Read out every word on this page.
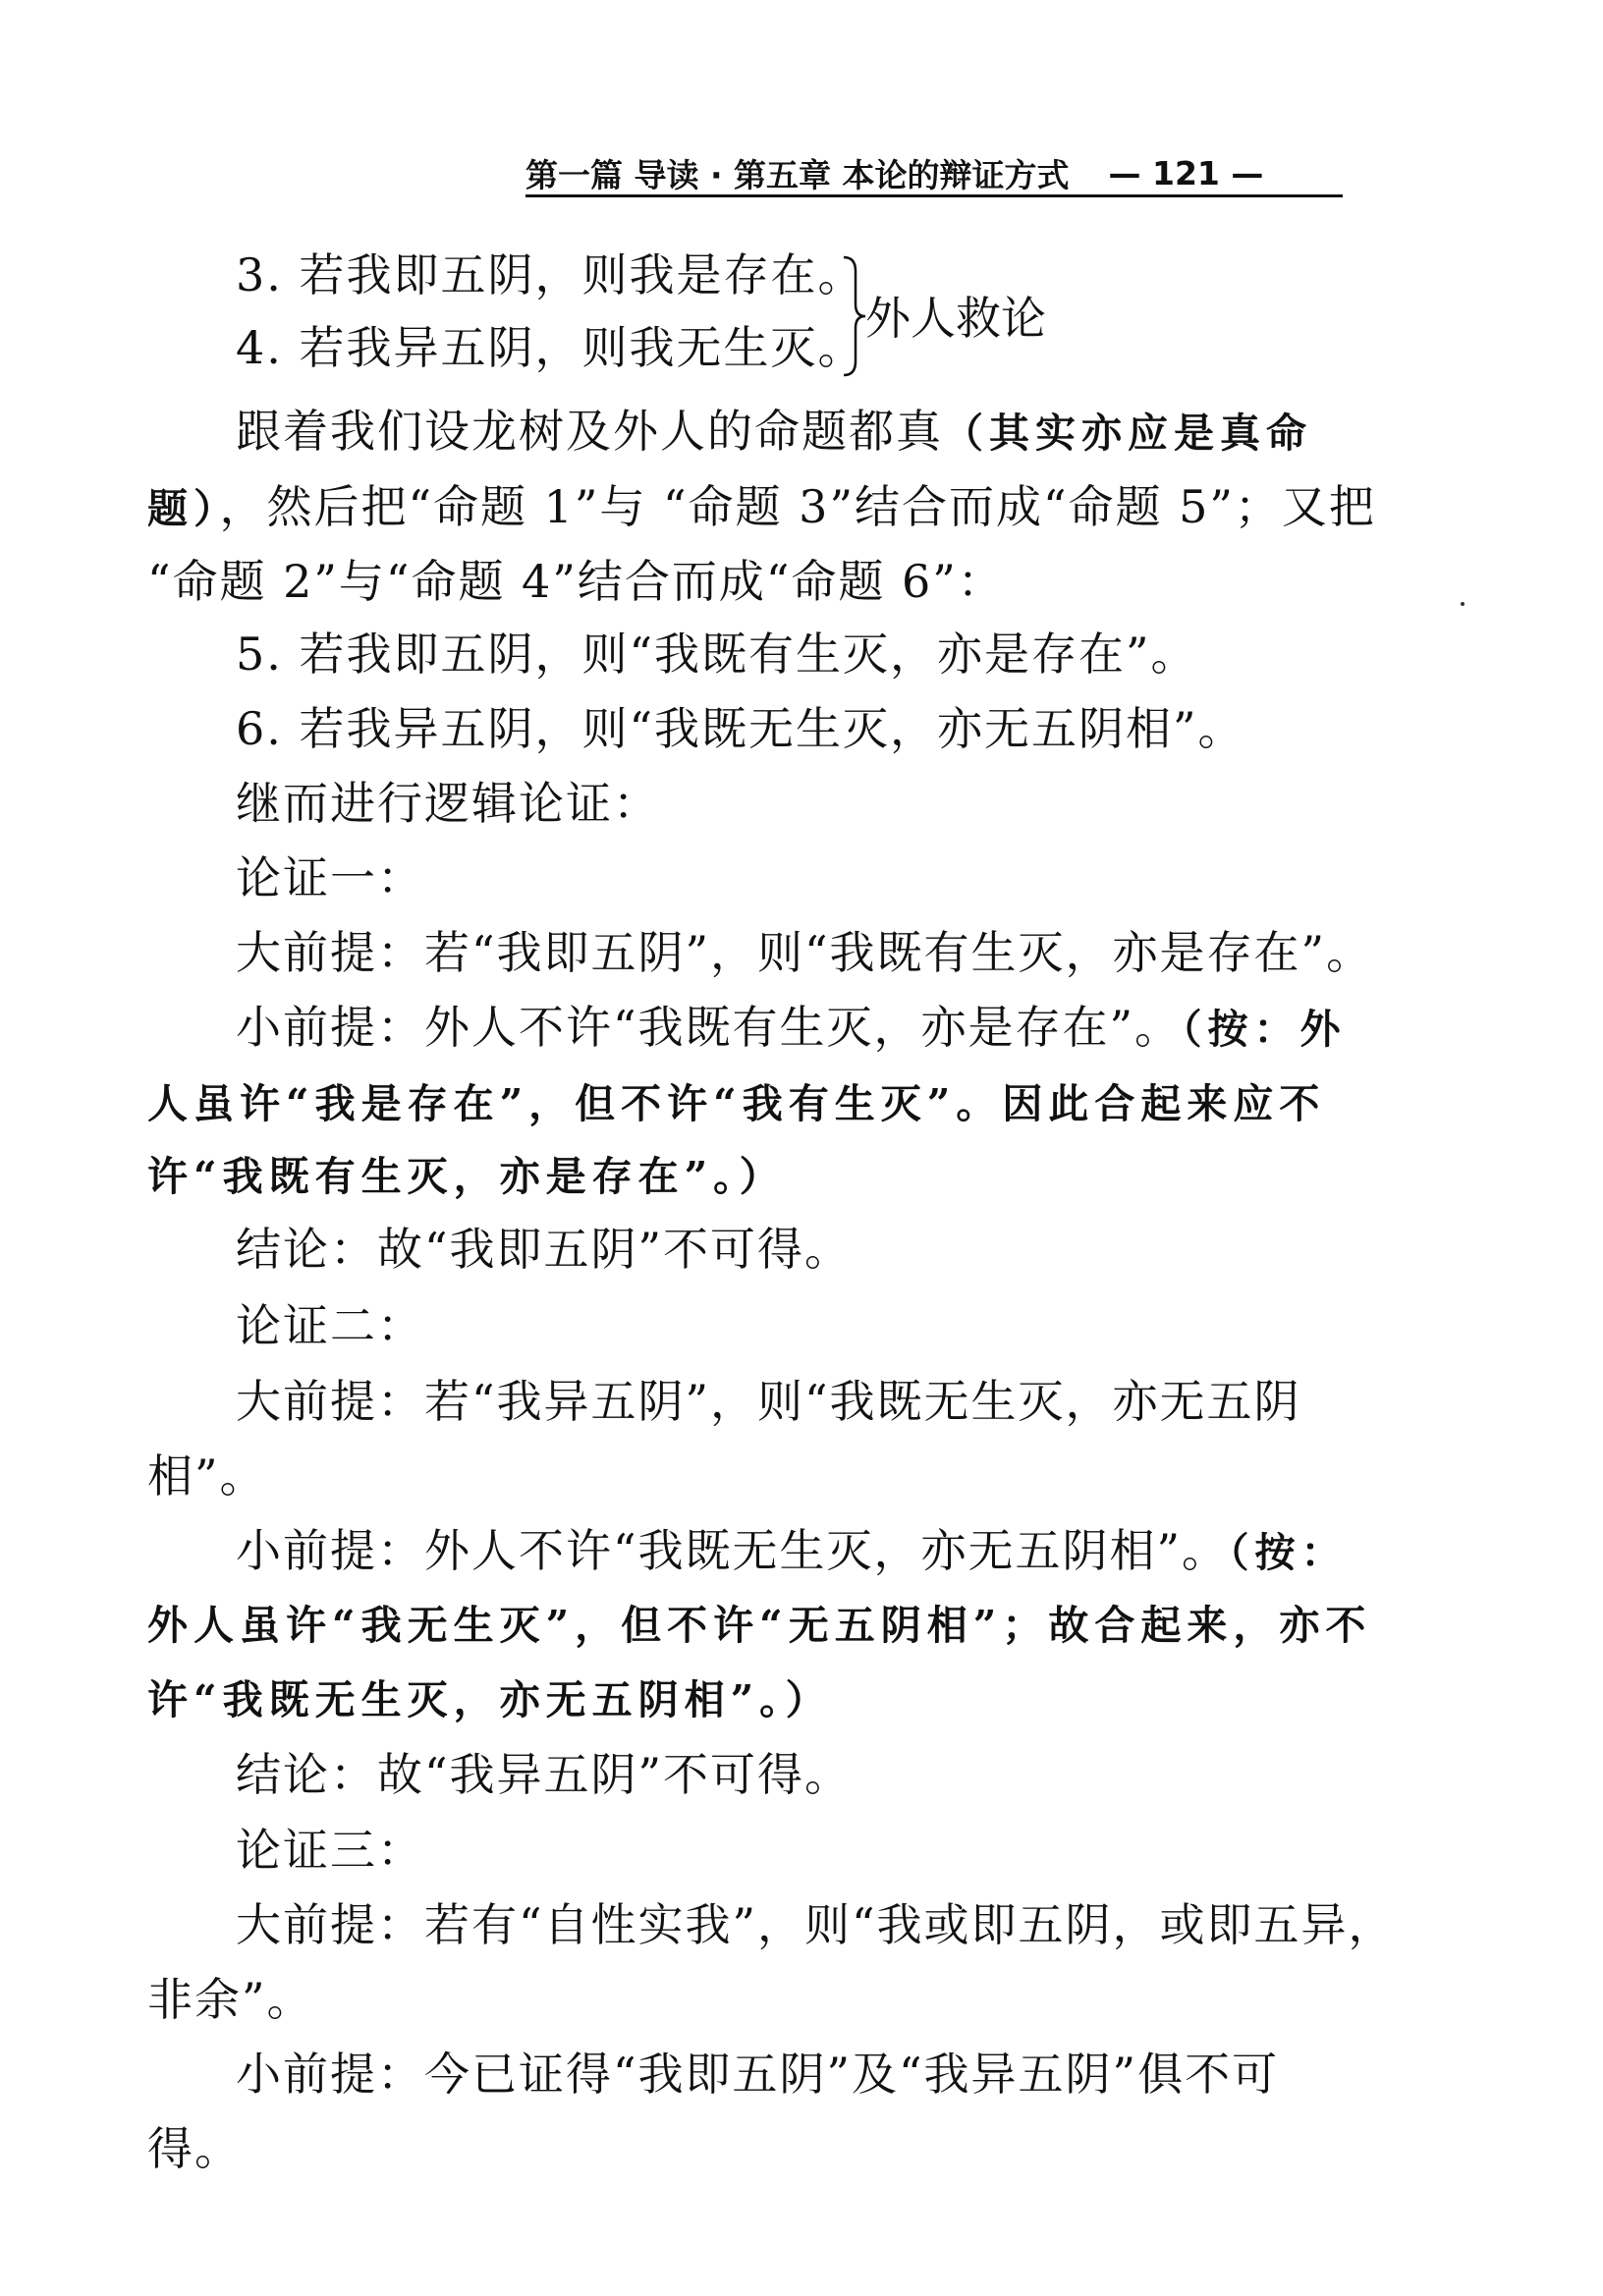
第一篇 导读 · 第五章 本论的辩证方式 — 121 —
3. 若我即五阴，则我是存在。
4. 若我异五阴，则我无生灭。
外人救论
跟着我们设龙树及外人的命题都真（其实亦应是真命
题），然后把“命题 1”与 “命题 3”结合而成“命题 5”；又把
“命题 2”与“命题 4”结合而成“命题 6”：
5. 若我即五阴，则“我既有生灭，亦是存在”。
6. 若我异五阴，则“我既无生灭，亦无五阴相”。
继而进行逻辑论证：
论证一：
大前提：若“我即五阴”，则“我既有生灭，亦是存在”。
小前提：外人不许“我既有生灭，亦是存在”。（按：外
人虽许“我是存在”，但不许“我有生灭”。因此合起来应不
许“我既有生灭，亦是存在”。）
结论：故“我即五阴”不可得。
论证二：
大前提：若“我异五阴”，则“我既无生灭，亦无五阴
相”。
小前提：外人不许“我既无生灭，亦无五阴相”。（按：
外人虽许“我无生灭”，但不许“无五阴相”；故合起来，亦不
许“我既无生灭，亦无五阴相”。）
结论：故“我异五阴”不可得。
论证三：
大前提：若有“自性实我”，则“我或即五阴，或即五异，
非余”。
小前提：今已证得“我即五阴”及“我异五阴”俱不可
得。
